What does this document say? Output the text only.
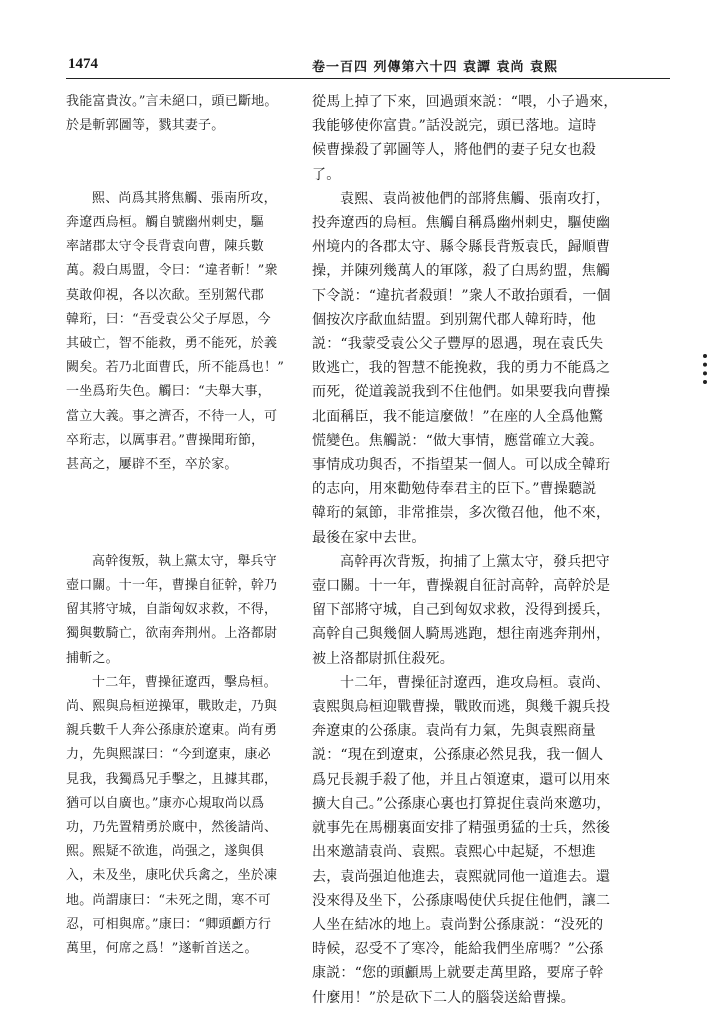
1474	卷一百四 列傳第六十四 袁譚 袁尚 袁熙

我能富貴汝。”言未絕口，頭已斷地。
於是斬郭圖等，戮其妻子。

熙、尚爲其將焦觸、張南所攻，
奔遼西烏桓。觸自號幽州刺史，驅
率諸郡太守令長背袁向曹，陳兵數
萬。殺白馬盟，令曰：“違者斬！”衆
莫敢仰視，各以次歃。至别駕代郡
韓珩，曰：“吾受袁公父子厚恩，今
其破亡，智不能救，勇不能死，於義
闕矣。若乃北面曹氏，所不能爲也！”
一坐爲珩失色。觸曰：“夫舉大事，
當立大義。事之濟否，不待一人，可
卒珩志，以厲事君。”曹操聞珩節，
甚高之，屢辟不至，卒於家。

高幹復叛，執上黨太守，舉兵守
壺口關。十一年，曹操自征幹，幹乃
留其將守城，自詣匈奴求救，不得，
獨與數騎亡，欲南奔荆州。上洛都尉
捕斬之。

十二年，曹操征遼西，擊烏桓。
尚、熙與烏桓逆操軍，戰敗走，乃與
親兵數千人奔公孫康於遼東。尚有勇
力，先與熙謀曰：“今到遼東，康必
見我，我獨爲兄手擊之，且據其郡，
猶可以自廣也。”康亦心規取尚以爲
功，乃先置精勇於廐中，然後請尚、
熙。熙疑不欲進，尚强之，遂與俱
入，未及坐，康叱伏兵禽之，坐於凍
地。尚謂康曰：“未死之閒，寒不可
忍，可相與席。”康曰：“卿頭顱方行
萬里，何席之爲！”遂斬首送之。

從馬上掉了下來，回過頭來説：“喂，小子過來，
我能够使你富貴。”話没説完，頭已落地。這時
候曹操殺了郭圖等人，將他們的妻子兒女也殺
了。

袁熙、袁尚被他們的部將焦觸、張南攻打，
投奔遼西的烏桓。焦觸自稱爲幽州刺史，驅使幽
州境内的各郡太守、縣令縣長背叛袁氏，歸順曹
操，并陳列幾萬人的軍隊，殺了白馬約盟，焦觸
下令説：“違抗者殺頭！”衆人不敢抬頭看，一個
個按次序歃血結盟。到别駕代郡人韓珩時，他
説：“我蒙受袁公父子豐厚的恩遇，現在袁氏失
敗逃亡，我的智慧不能挽救，我的勇力不能爲之
而死，從道義説我到不住他們。如果要我向曹操
北面稱臣，我不能這麼做！”在座的人全爲他驚
慌變色。焦觸説：“做大事情，應當確立大義。
事情成功與否，不指望某一個人。可以成全韓珩
的志向，用來勸勉侍奉君主的臣下。”曹操聽説
韓珩的氣節，非常推崇，多次徵召他，他不來，
最後在家中去世。

高幹再次背叛，拘捕了上黨太守，發兵把守
壺口關。十一年，曹操親自征討高幹，高幹於是
留下部將守城，自己到匈奴求救，没得到援兵，
高幹自己與幾個人騎馬逃跑，想往南逃奔荆州，
被上洛都尉抓住殺死。

十二年，曹操征討遼西，進攻烏桓。袁尚、
袁熙與烏桓迎戰曹操，戰敗而逃，與幾千親兵投
奔遼東的公孫康。袁尚有力氣，先與袁熙商量
説：“現在到遼東，公孫康必然見我，我一個人
爲兄長親手殺了他，并且占領遼東，還可以用來
擴大自己。”公孫康心裏也打算捉住袁尚來邀功，
就事先在馬棚裏面安排了精强勇猛的士兵，然後
出來邀請袁尚、袁熙。袁熙心中起疑，不想進
去，袁尚强迫他進去，袁熙就同他一道進去。還
没來得及坐下，公孫康喝使伏兵捉住他們，讓二
人坐在結冰的地上。袁尚對公孫康説：“没死的
時候，忍受不了寒冷，能給我們坐席嗎？”公孫
康説：“您的頭顱馬上就要走萬里路，要席子幹
什麼用！”於是砍下二人的腦袋送給曹操。
